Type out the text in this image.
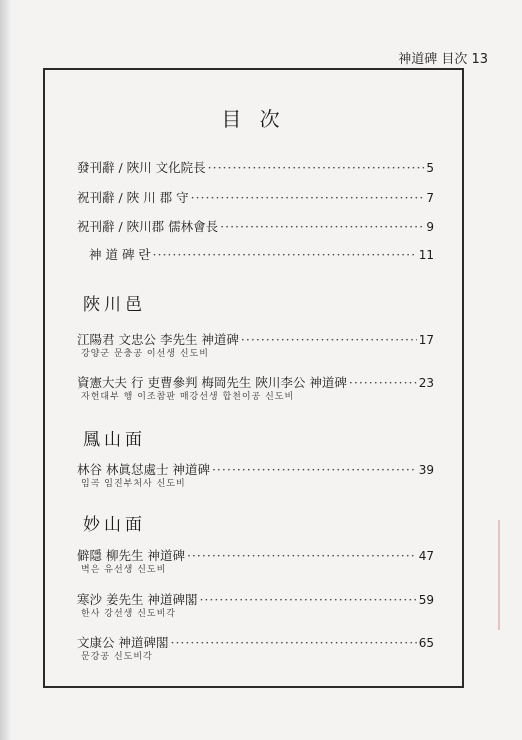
神道碑 目次 13
目 次
發刊辭 / 陜川 文化院長 ·····	5
祝刊辭 / 陜 川 郡 守 ·····	7
祝刊辭 / 陜川郡 儒林會長 ·····	9
神 道 碑 란 ·····	11
陜川邑
江陽君 文忠公 李先生 神道碑 ·····	17
강양군 문충공 이선생 신도비
資憲大夫 行 吏曹參判 梅岡先生 陜川李公 神道碑 ·····	23
자헌대부 행 이조참판 매강선생 합천이공 신도비
鳳山面
林谷 林眞怤處士 神道碑 ·····	39
임곡 임진부처사 신도비
妙山面
僻隱 柳先生 神道碑 ·····	47
벽은 유선생 신도비
寒沙 姜先生 神道碑閣 ·····	59
한사 강선생 신도비각
文康公 神道碑閣 ·····	65
문강공 신도비각
